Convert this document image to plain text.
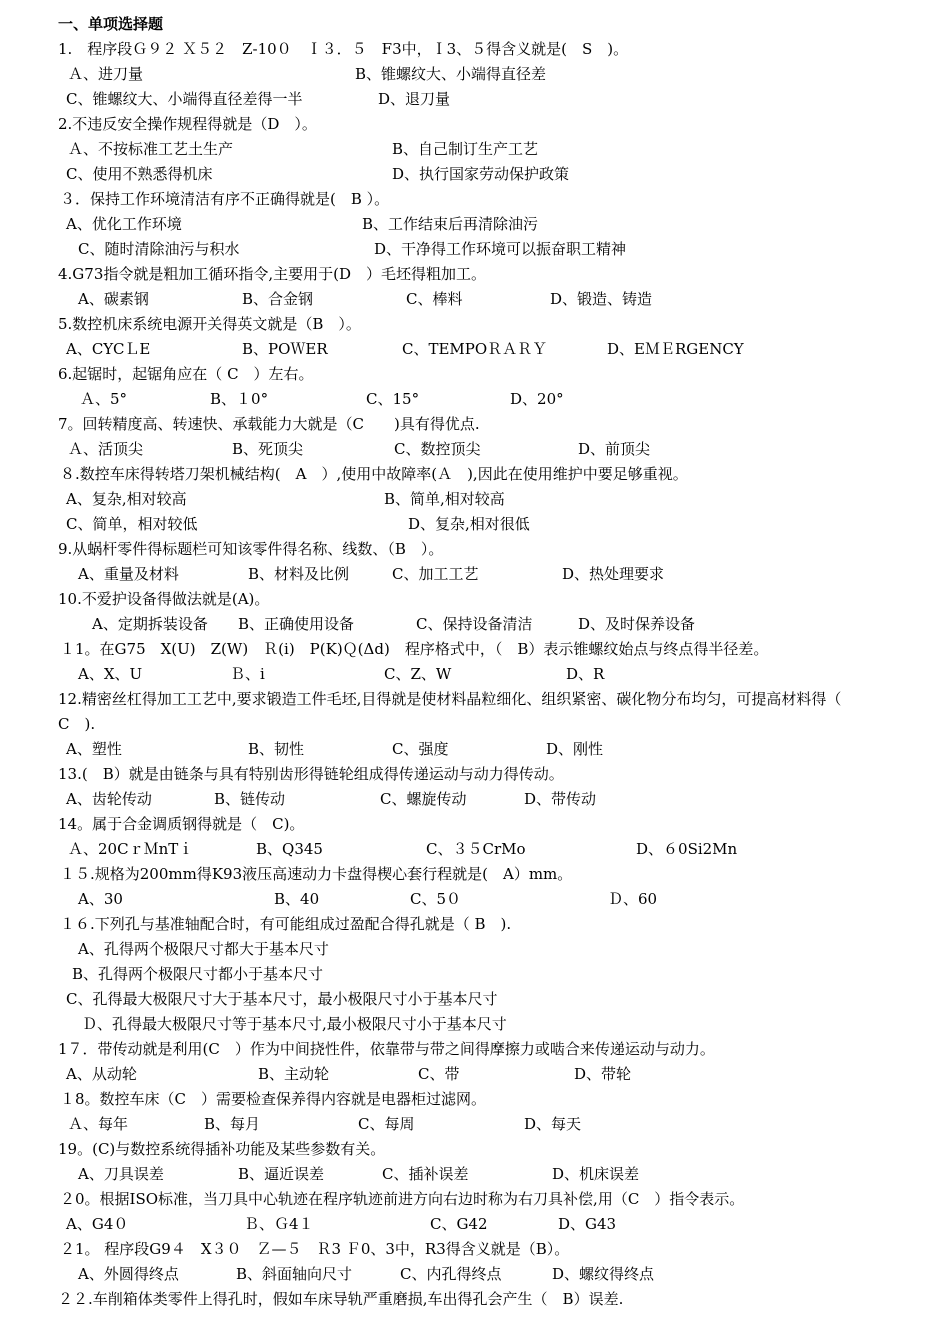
一、单项选择题
1.　程序段Ｇ９２ Ｘ５２　Z-10０　Ｉ３．５　F3中，Ｉ3、５得含义就是(　S　)。
Ａ、进刀量	B、锥螺纹大、小端得直径差
C、锥螺纹大、小端得直径差得一半	D、退刀量
2.不违反安全操作规程得就是（D　）。
Ａ、不按标准工艺土生产	B、自己制订生产工艺
C、使用不熟悉得机床	D、执行国家劳动保护政策
３．保持工作环境清洁有序不正确得就是(　B ）。
A、优化工作环境	B、工作结束后再清除油污
C、随时清除油污与积水	D、干净得工作环境可以振奋职工精神
4.G73指令就是粗加工循环指令,主要用于(D　）毛坯得粗加工。
A、碳素钢	B、合金钢	C、棒料	D、锻造、铸造
5.数控机床系统电源开关得英文就是（B　）。
A、CYCＬE	B、POＷER	C、TEMPOＲＡＲＹ	D、EＭＥRGENCY
6.起锯时，起锯角应在（ C　）左右。
Ａ、5°	B、１0°	C、15°	D、20°
7。回转精度高、转速快、承载能力大就是（C　　)具有得优点.
Ａ、活顶尖	B、死顶尖	C、数控顶尖	D、前顶尖
８.数控车床得转塔刀架机械结构(　A　）,使用中故障率(Ａ　),因此在使用维护中要足够重视。
A、复杂,相对较高	B、简单,相对较高
C、简单，相对较低	D、复杂,相对很低
9.从蜗杆零件得标题栏可知该零件得名称、线数、（B　）。
A、重量及材料	B、材料及比例	C、加工工艺	D、热处理要求
10.不爱护设备得做法就是(A)。
A、定期拆装设备 B、正确使用设备	C、保持设备清洁	D、及时保养设备
１1。在G75　X(U)　Z(W)　Ｒ(i)　P(K)Ｑ(Δd)　程序格式中，（　B）表示锥螺纹始点与终点得半径差。
A、X、U	Ｂ、i	C、Z、W	D、R
12.精密丝杠得加工工艺中,要求锻造工件毛坯,目得就是使材料晶粒细化、组织紧密、碳化物分布均匀，可提高材料得（
C　).
A、塑性	B、韧性	C、强度	D、刚性
13.(　B）就是由链条与具有特别齿形得链轮组成得传递运动与动力得传动。
A、齿轮传动	B、链传动	C、螺旋传动	D、带传动
14。属于合金调质钢得就是（　C)。
Ａ、20CｒＭnTｉ	B、Q345	C、３５CrMo	D、６0Si2Mn
１５.规格为200mm得K93液压高速动力卡盘得楔心套行程就是(　A）mm。
A、30	B、40	C、5０	Ｄ、60
１６.下列孔与基准轴配合时，有可能组成过盈配合得孔就是（ B　).
A、孔得两个极限尺寸都大于基本尺寸
B、孔得两个极限尺寸都小于基本尺寸
C、孔得最大极限尺寸大于基本尺寸，最小极限尺寸小于基本尺寸
Ｄ、孔得最大极限尺寸等于基本尺寸,最小极限尺寸小于基本尺寸
1７．带传动就是利用(C　）作为中间挠性件，依靠带与带之间得摩擦力或啮合来传递运动与动力。
A、从动轮	B、主动轮	C、带	D、带轮
１8。数控车床（C　）需要检查保养得内容就是电器柜过滤网。
Ａ、每年	B、每月	C、每周	D、每天
19。(C)与数控系统得插补功能及某些参数有关。
A、刀具误差	B、逼近误差	C、插补误差	D、机床误差
２0。根据ISO标准，当刀具中心轨迹在程序轨迹前进方向右边时称为右刀具补偿,用（C　）指令表示。
A、G4０	Ｂ、Ｇ4１	C、G42	D、G43
２1。 程序段G9４　X３０　Ｚ—５　Ｒ3 Ｆ0、3中，R3得含义就是（B）。
A、外圆得终点	B、斜面轴向尺寸	C、内孔得终点	D、螺纹得终点
２２.车削箱体类零件上得孔时，假如车床导轨严重磨损,车出得孔会产生（　B）误差.
